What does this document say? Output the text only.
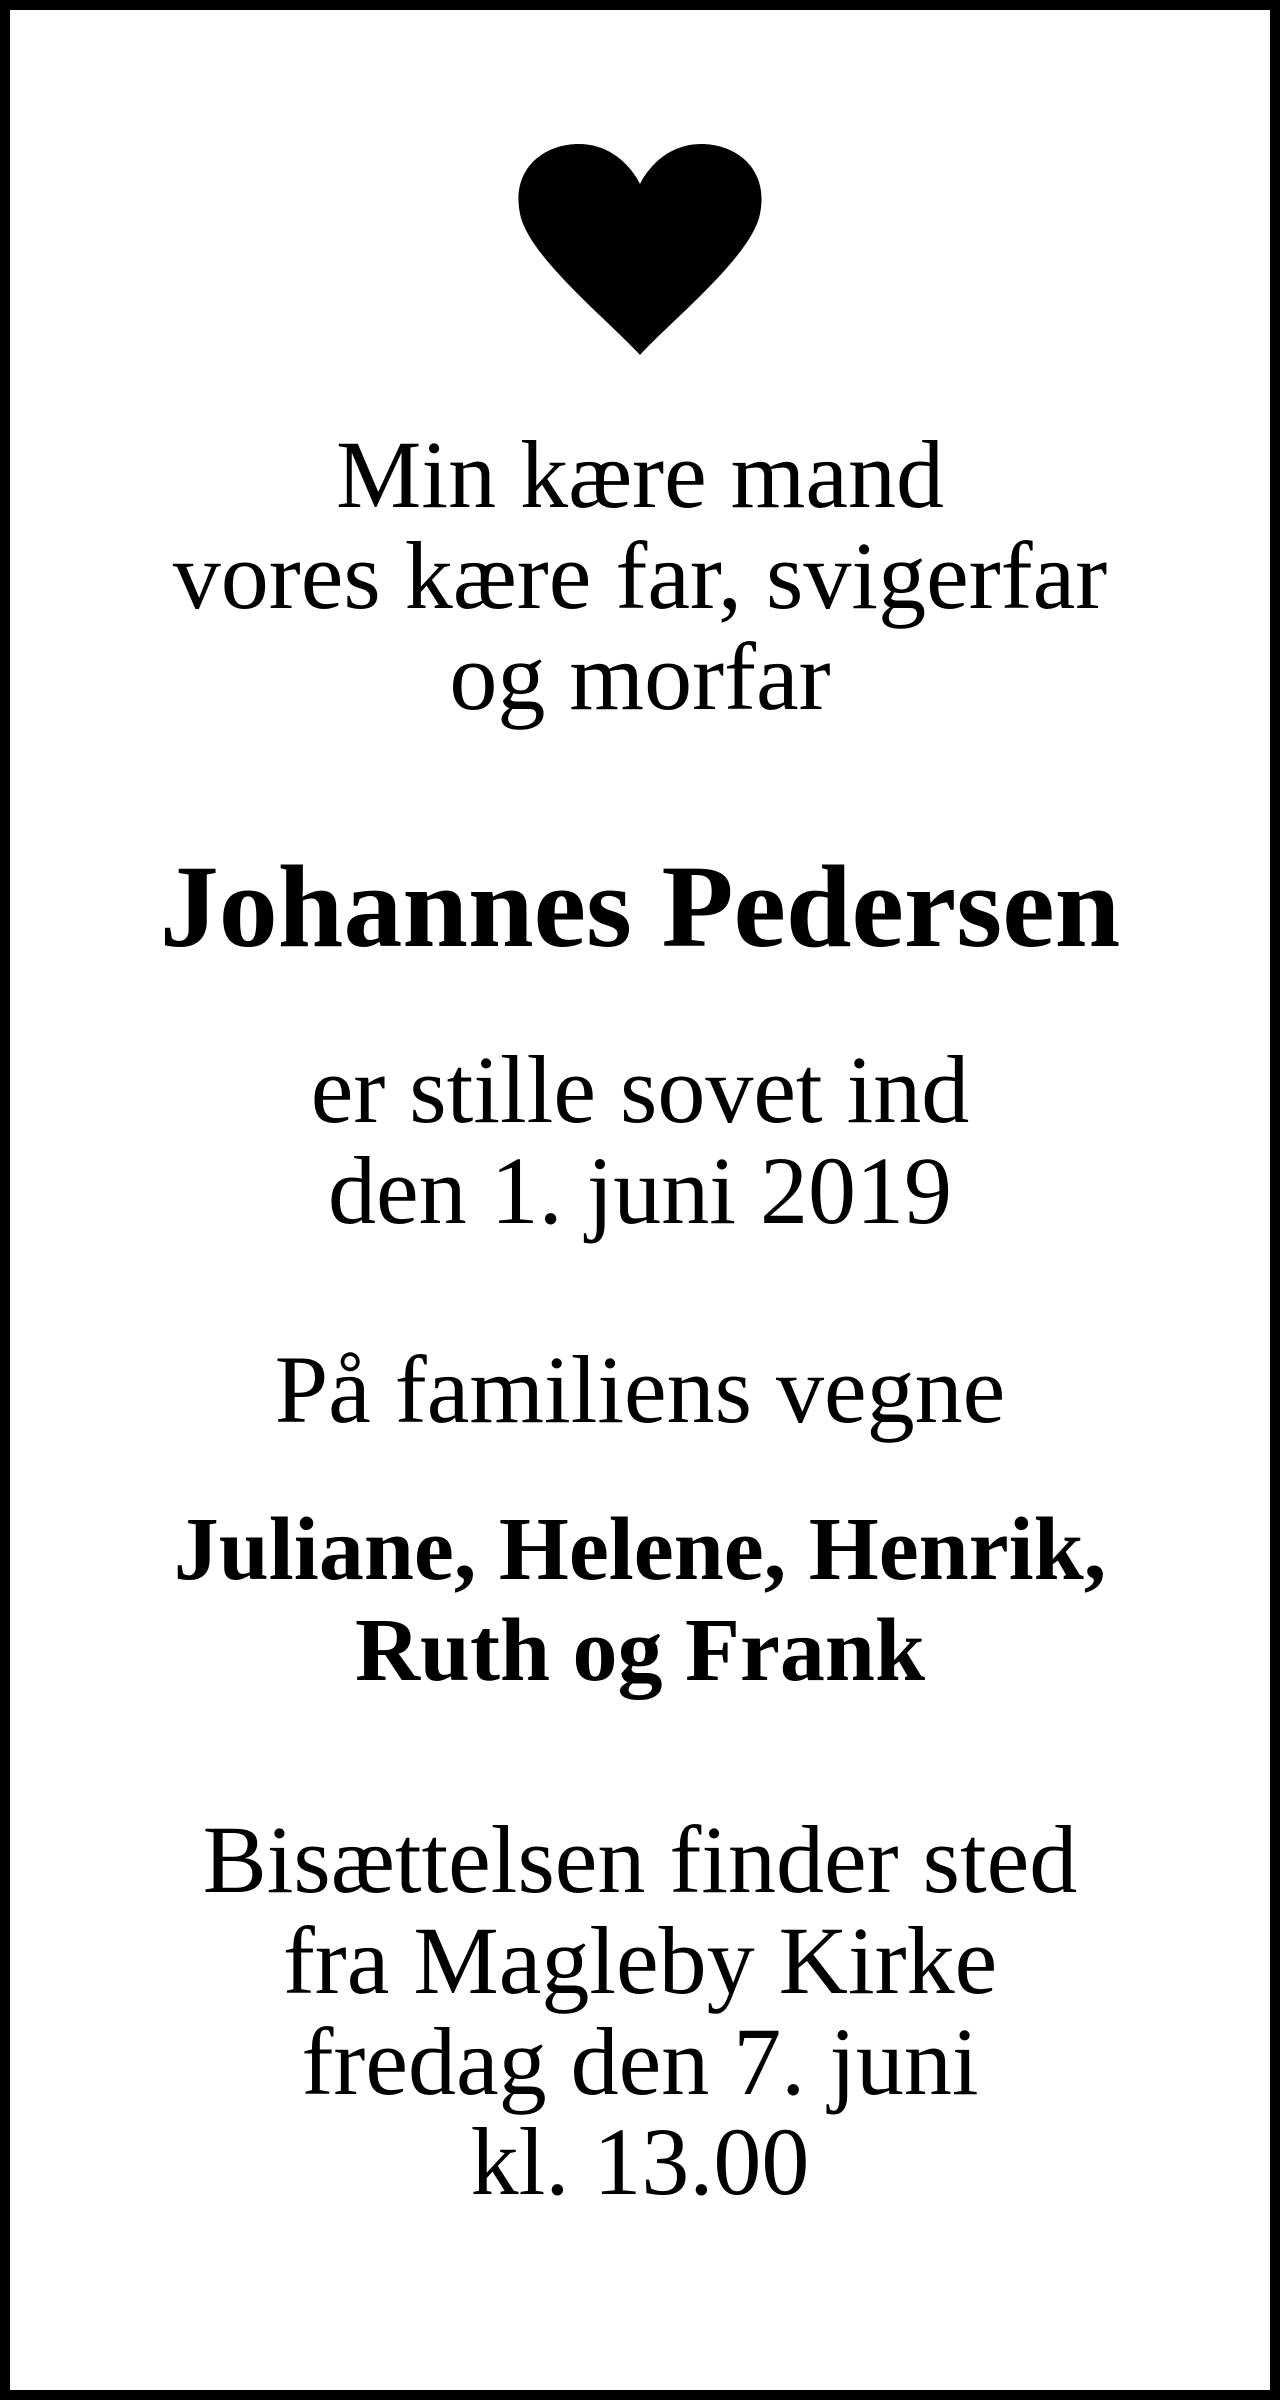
Min kære mand
vores kære far, svigerfar
og morfar
Johannes Pedersen
er stille sovet ind
den 1. juni 2019
På familiens vegne
Juliane, Helene, Henrik,
Ruth og Frank
Bisættelsen finder sted
fra Magleby Kirke
fredag den 7. juni
kl. 13.00
